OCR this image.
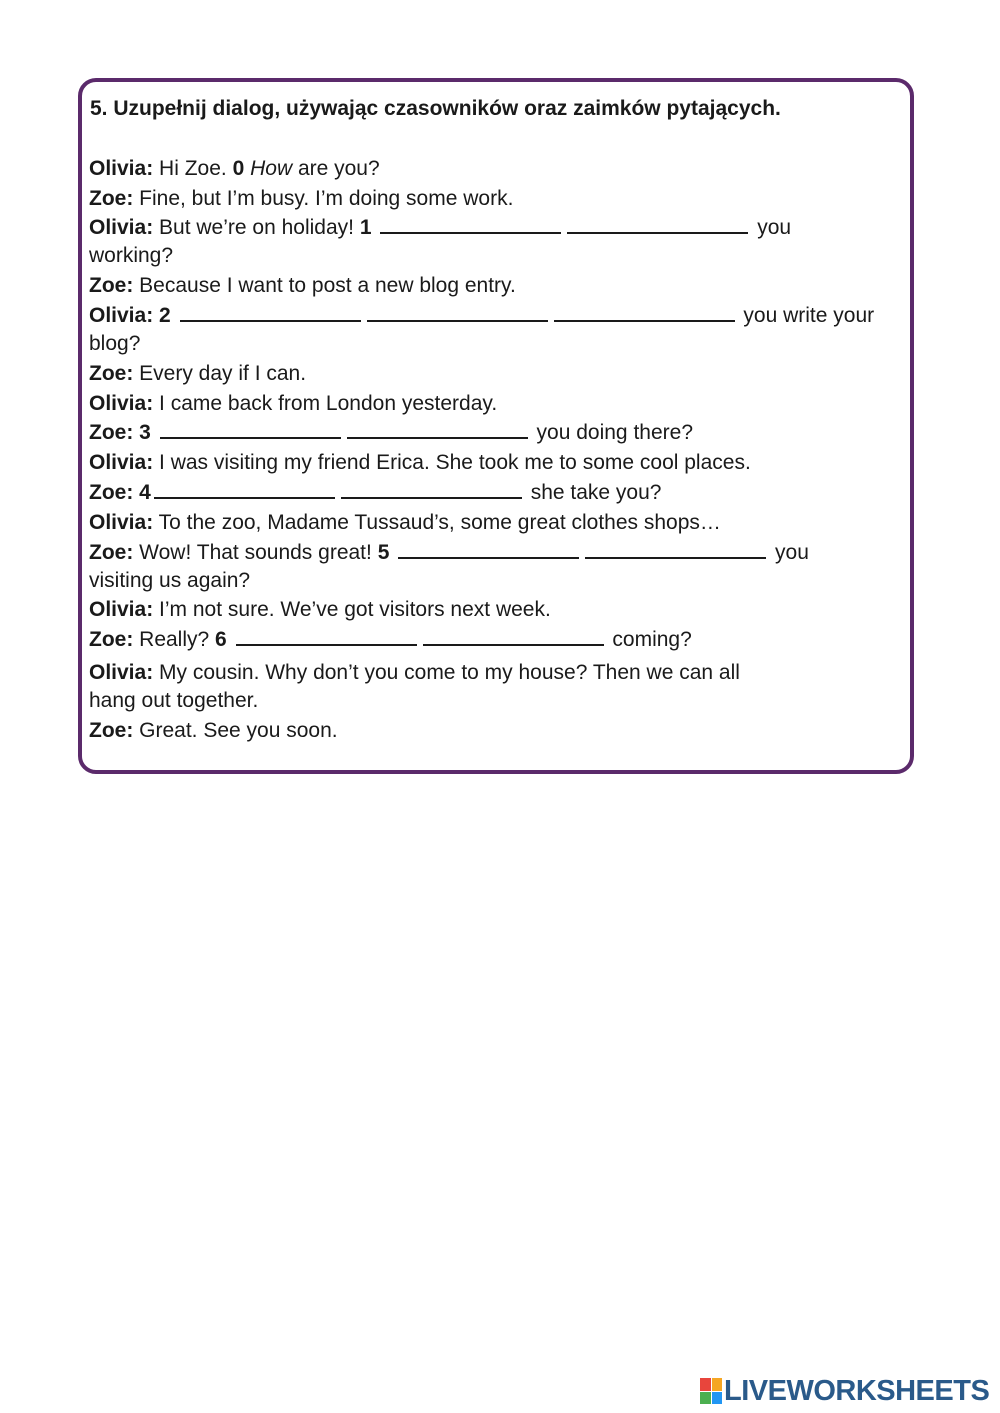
5. Uzupełnij dialog, używając czasowników oraz zaimków pytających.
Olivia: Hi Zoe. 0 How are you?
Zoe: Fine, but I’m busy. I’m doing some work.
Olivia: But we’re on holiday! 1	you
working?
Zoe: Because I want to post a new blog entry.
Olivia: 2	you write your
blog?
Zoe: Every day if I can.
Olivia: I came back from London yesterday.
Zoe: 3	you doing there?
Olivia: I was visiting my friend Erica. She took me to some cool places.
Zoe: 4	she take you?
Olivia: To the zoo, Madame Tussaud’s, some great clothes shops…
Zoe: Wow! That sounds great! 5	you
visiting us again?
Olivia: I’m not sure. We’ve got visitors next week.
Zoe: Really? 6	coming?
Olivia: My cousin. Why don’t you come to my house? Then we can all
hang out together.
Zoe: Great. See you soon.
LIVEWORKSHEETS
